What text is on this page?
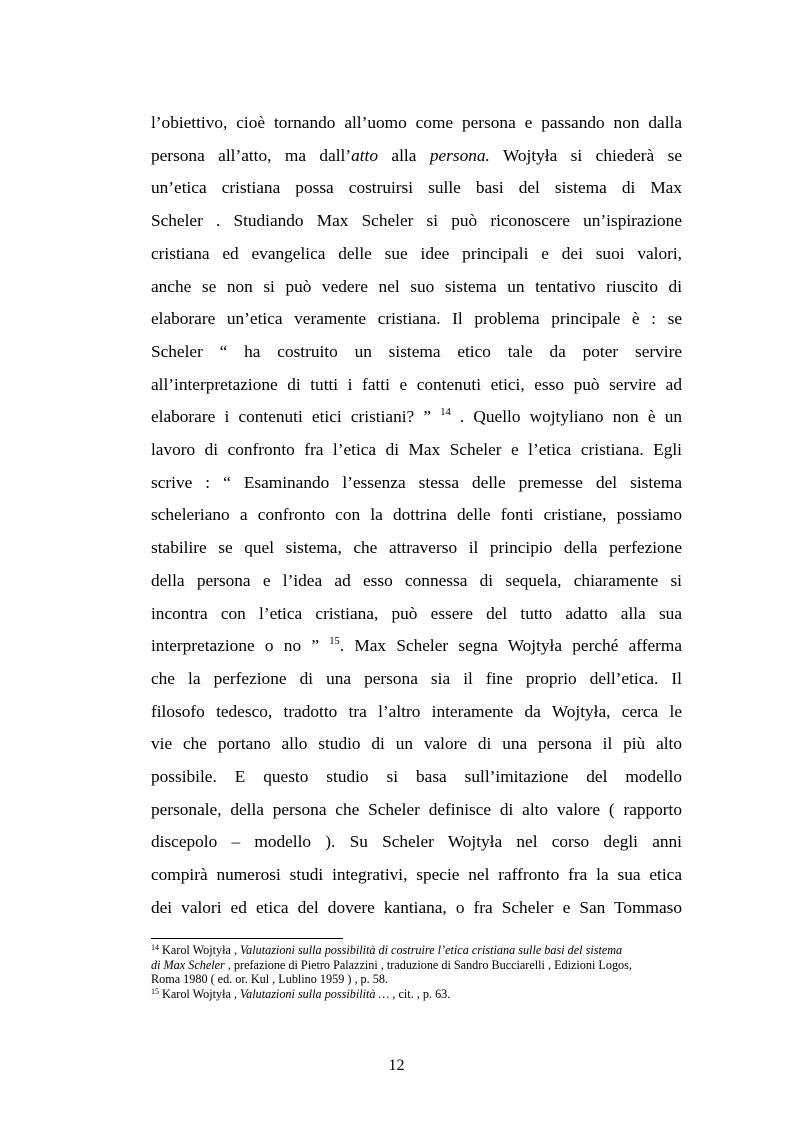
l’obiettivo, cioè tornando all’uomo come persona e passando non dalla
persona all’atto, ma dall’atto alla persona. Wojtyła si chiederà se
un’etica cristiana possa costruirsi sulle basi del sistema di Max
Scheler . Studiando Max Scheler si può riconoscere un’ispirazione
cristiana ed evangelica delle sue idee principali e dei suoi valori,
anche se non si può vedere nel suo sistema un tentativo riuscito di
elaborare un’etica veramente cristiana. Il problema principale è : se
Scheler “ ha costruito un sistema etico tale da poter servire
all’interpretazione di tutti i fatti e contenuti etici, esso può servire ad
elaborare i contenuti etici cristiani? ” $^{14}$ . Quello wojtyliano non è un
lavoro di confronto fra l’etica di Max Scheler e l’etica cristiana. Egli
scrive : “ Esaminando l’essenza stessa delle premesse del sistema
scheleriano a confronto con la dottrina delle fonti cristiane, possiamo
stabilire se quel sistema, che attraverso il principio della perfezione
della persona e l’idea ad esso connessa di sequela, chiaramente si
incontra con l’etica cristiana, può essere del tutto adatto alla sua
interpretazione o no ” $^{15}$. Max Scheler segna Wojtyła perché afferma
che la perfezione di una persona sia il fine proprio dell’etica. Il
filosofo tedesco, tradotto tra l’altro interamente da Wojtyła, cerca le
vie che portano allo studio di un valore di una persona il più alto
possibile. E questo studio si basa sull’imitazione del modello
personale, della persona che Scheler definisce di alto valore ( rapporto
discepolo – modello ). Su Scheler Wojtyła nel corso degli anni
compirà numerosi studi integrativi, specie nel raffronto fra la sua etica
dei valori ed etica del dovere kantiana, o fra Scheler e San Tommaso
$^{14}$ Karol Wojtyła , Valutazioni sulla possibilità di costruire l’etica cristiana sulle basi del sistema
di Max Scheler , prefazione di Pietro Palazzini , traduzione di Sandro Bucciarelli , Edizioni Logos,
Roma 1980 ( ed. or. Kul , Lublino 1959 ) , p. 58.
$^{15}$ Karol Wojtyła , Valutazioni sulla possibilità … , cit. , p. 63.
12
